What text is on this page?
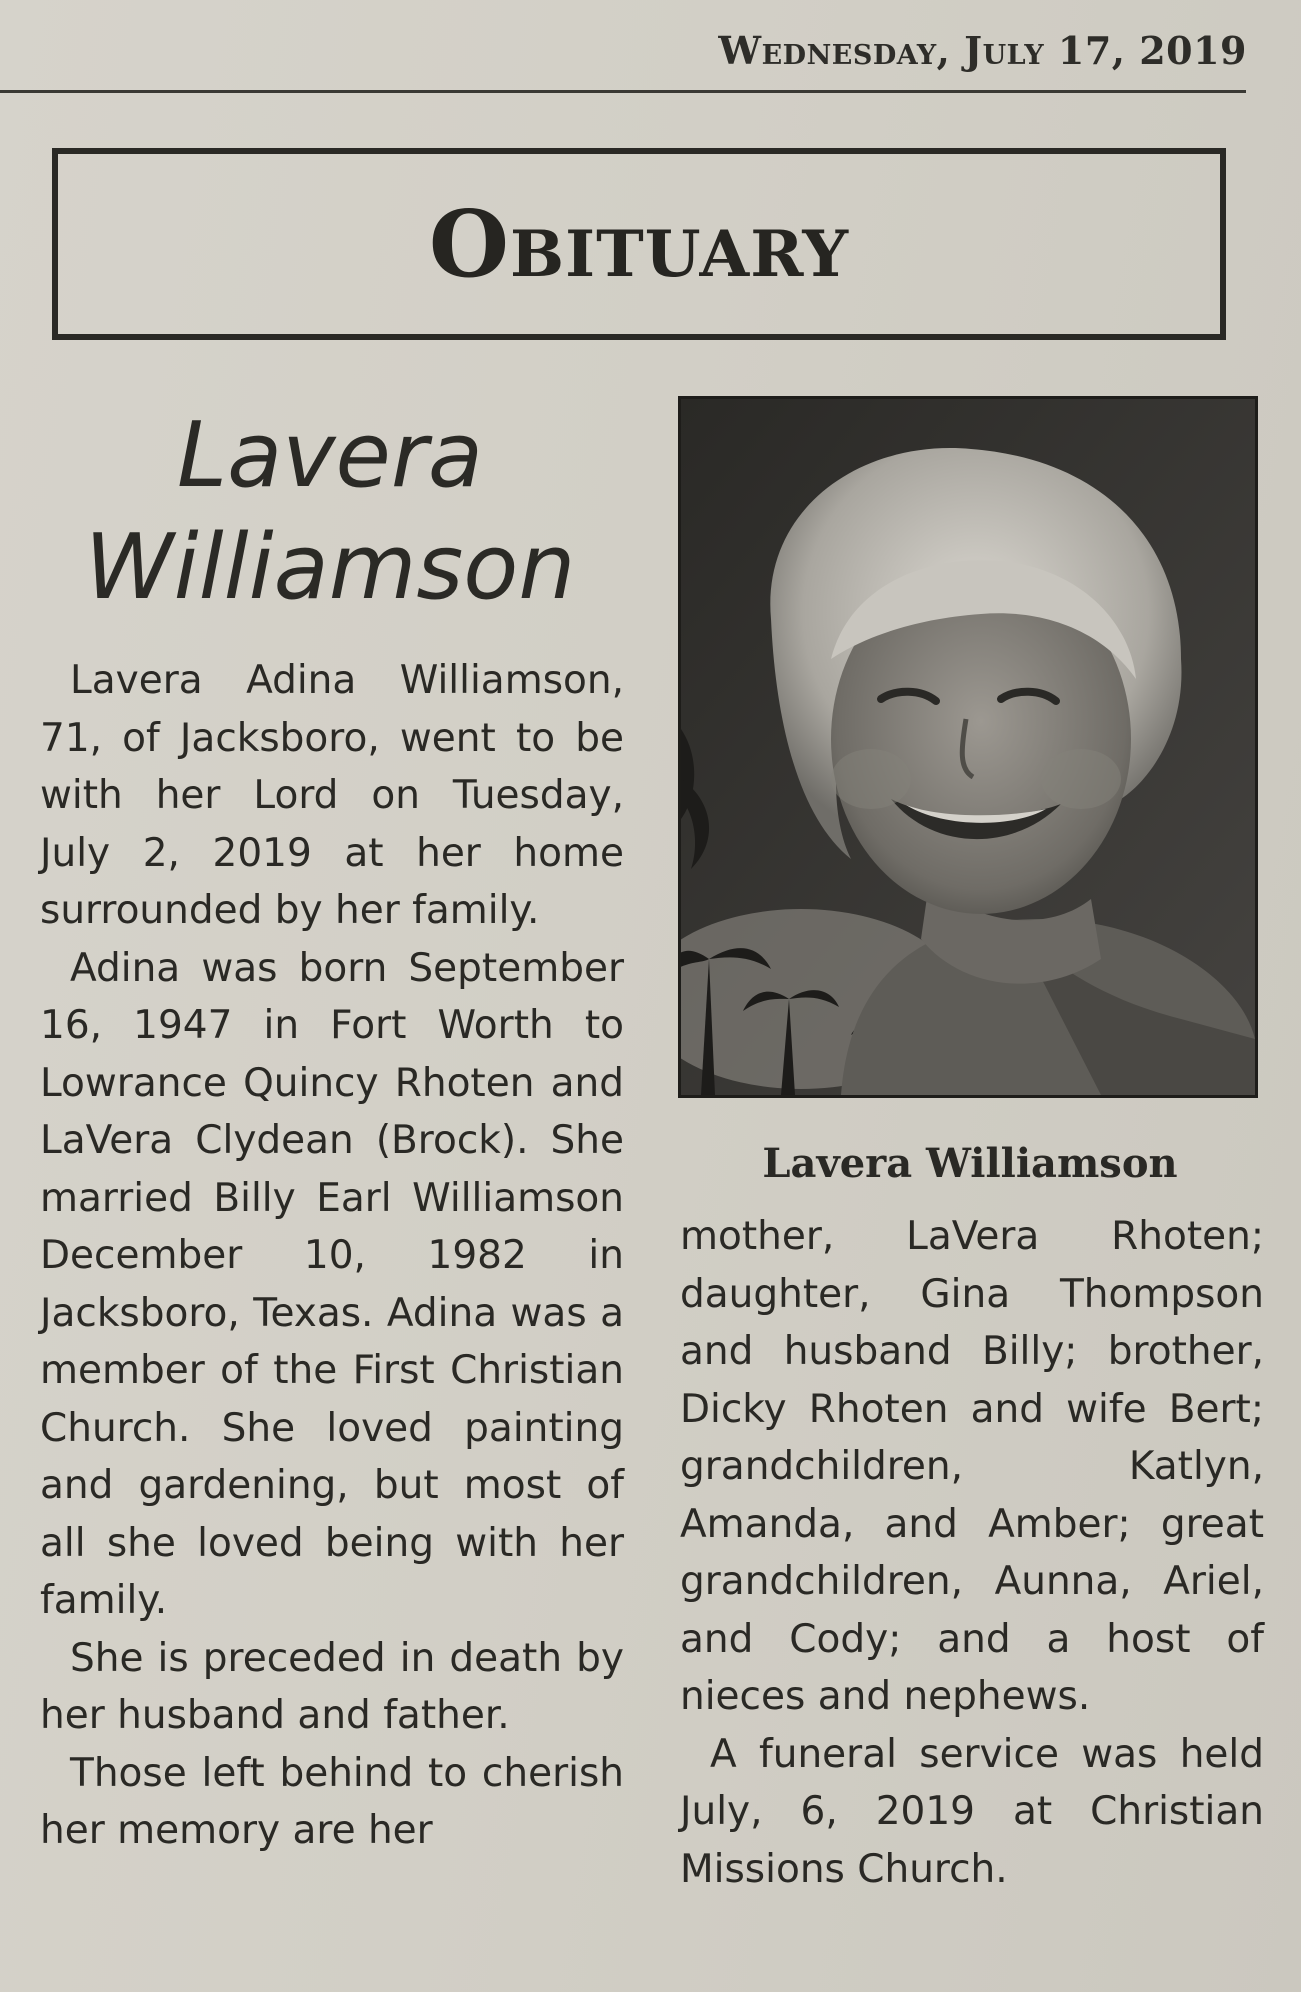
Wednesday, July 17, 2019
Obituary
Lavera
Williamson

Lavera Adina Williamson, 71, of Jacksboro, went to be with her Lord on Tuesday, July 2, 2019 at her home surrounded by her family.

Adina was born September 16, 1947 in Fort Worth to Lowrance Quincy Rhoten and LaVera Clydean (Brock). She married Billy Earl Williamson December 10, 1982 in Jacksboro, Texas. Adina was a member of the First Christian Church. She loved painting and gardening, but most of all she loved being with her family.

She is preceded in death by her husband and father.

Those left behind to cherish her memory are her

Lavera Williamson

mother, LaVera Rhoten; daughter, Gina Thompson and husband Billy; brother, Dicky Rhoten and wife Bert; grandchildren, Katlyn, Amanda, and Amber; great grandchildren, Aunna, Ariel, and Cody; and a host of nieces and nephews.

A funeral service was held July, 6, 2019 at Christian Missions Church.
